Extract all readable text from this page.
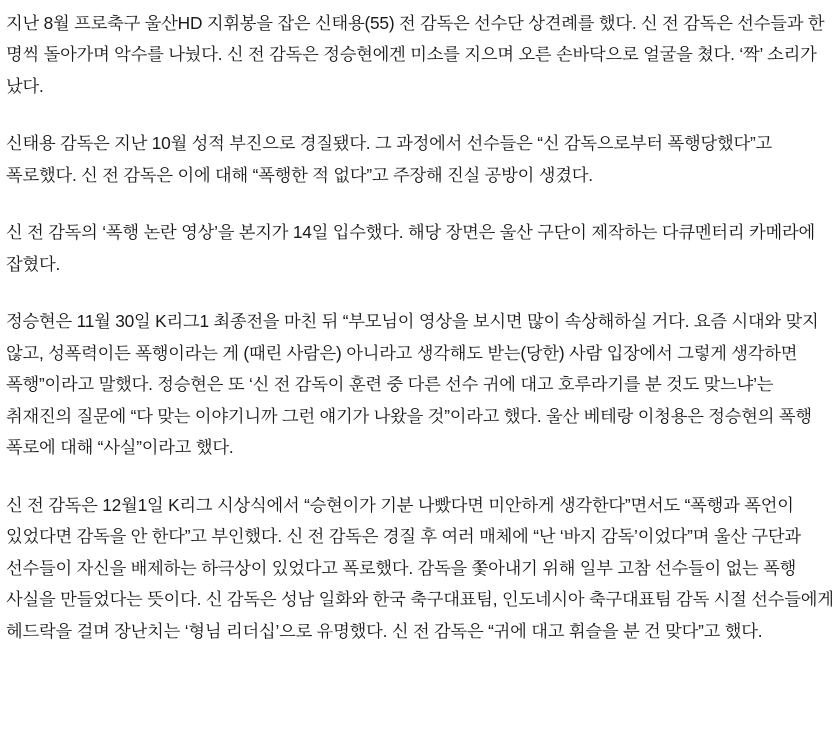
지난 8월 프로축구 울산HD 지휘봉을 잡은 신태용(55) 전 감독은 선수단 상견례를 했다. 신 전 감독은 선수들과 한 명씩 돌아가며 악수를 나눴다. 신 전 감독은 정승현에겐 미소를 지으며 오른 손바닥으로 얼굴을 쳤다. ‘짝’ 소리가 났다.

신태용 감독은 지난 10월 성적 부진으로 경질됐다. 그 과정에서 선수들은 “신 감독으로부터 폭행당했다”고 폭로했다. 신 전 감독은 이에 대해 “폭행한 적 없다”고 주장해 진실 공방이 생겼다.

신 전 감독의 ‘폭행 논란 영상’을 본지가 14일 입수했다. 해당 장면은 울산 구단이 제작하는 다큐멘터리 카메라에 잡혔다.

정승현은 11월 30일 K리그1 최종전을 마친 뒤 “부모님이 영상을 보시면 많이 속상해하실 거다. 요즘 시대와 맞지 않고, 성폭력이든 폭행이라는 게 (때린 사람은) 아니라고 생각해도 받는(당한) 사람 입장에서 그렇게 생각하면 폭행”이라고 말했다. 정승현은 또 ‘신 전 감독이 훈련 중 다른 선수 귀에 대고 호루라기를 분 것도 맞느냐’는 취재진의 질문에 “다 맞는 이야기니까 그런 얘기가 나왔을 것”이라고 했다. 울산 베테랑 이청용은 정승현의 폭행 폭로에 대해 “사실”이라고 했다.

신 전 감독은 12월1일 K리그 시상식에서 “승현이가 기분 나빴다면 미안하게 생각한다”면서도 “폭행과 폭언이 있었다면 감독을 안 한다”고 부인했다. 신 전 감독은 경질 후 여러 매체에 “난 ‘바지 감독’이었다”며 울산 구단과 선수들이 자신을 배제하는 하극상이 있었다고 폭로했다. 감독을 쫓아내기 위해 일부 고참 선수들이 없는 폭행 사실을 만들었다는 뜻이다. 신 감독은 성남 일화와 한국 축구대표팀, 인도네시아 축구대표팀 감독 시절 선수들에게 헤드락을 걸며 장난치는 ‘형님 리더십’으로 유명했다. 신 전 감독은 “귀에 대고 휘슬을 분 건 맞다”고 했다.
